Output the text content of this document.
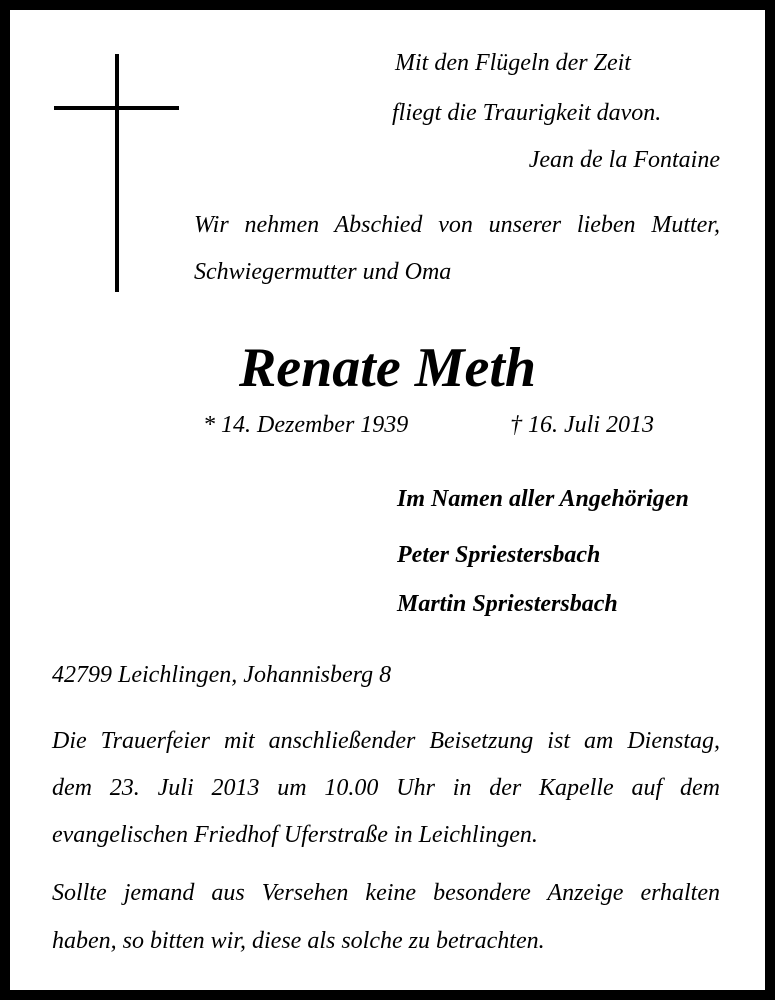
Mit den Flügeln der Zeit
fliegt die Traurigkeit davon.
Jean de la Fontaine
Wir nehmen Abschied von unserer lieben Mutter,
Schwiegermutter und Oma
Renate Meth
* 14. Dezember 1939	† 16. Juli 2013
Im Namen aller Angehörigen
Peter Spriestersbach
Martin Spriestersbach
42799 Leichlingen, Johannisberg 8
Die Trauerfeier mit anschließender Beisetzung ist am Dienstag,
dem 23. Juli 2013 um 10.00 Uhr in der Kapelle auf dem
evangelischen Friedhof Uferstraße in Leichlingen.
Sollte jemand aus Versehen keine besondere Anzeige erhalten
haben, so bitten wir, diese als solche zu betrachten.
